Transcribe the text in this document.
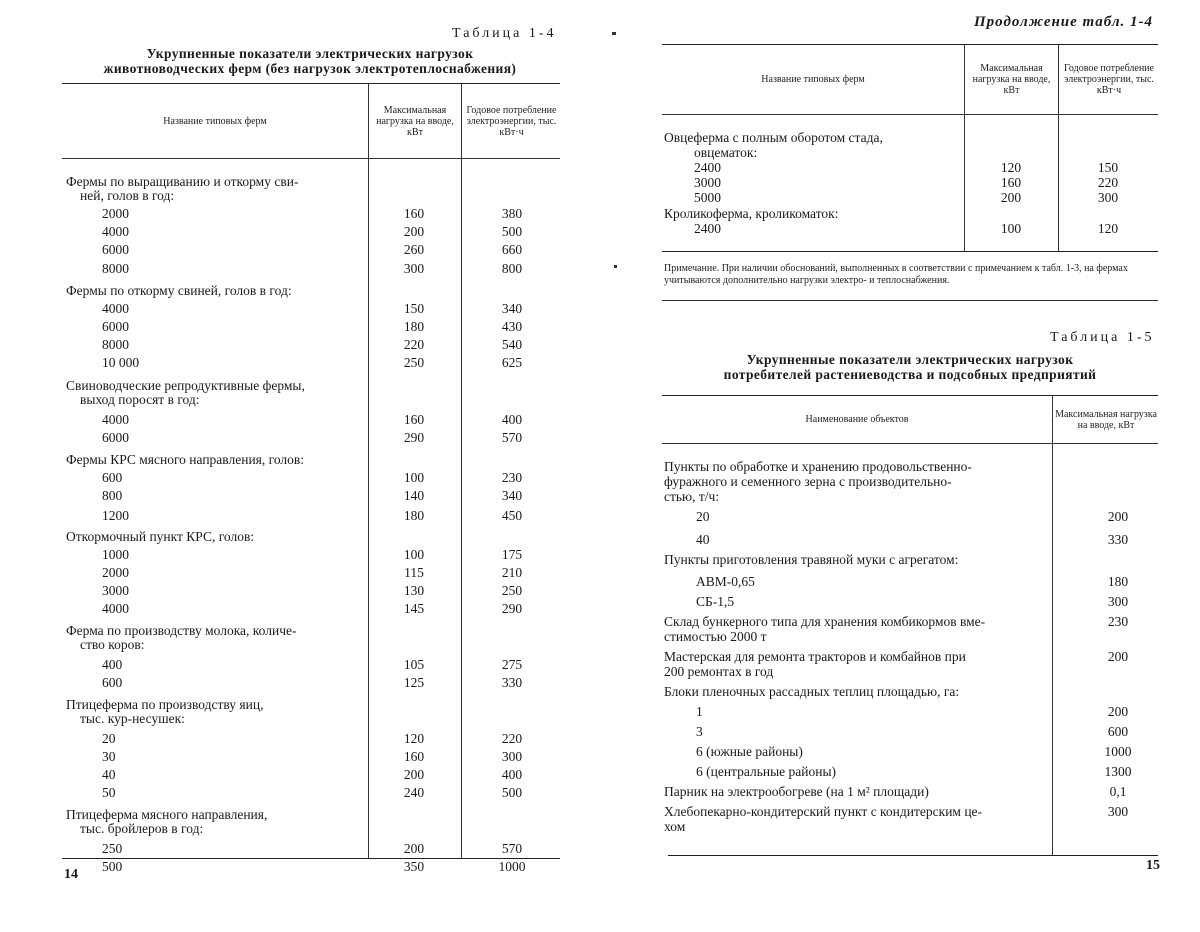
Таблица 1-4
Укрупненные показатели электрических нагрузок
животноводческих ферм (без нагрузок электротеплоснабжения)
Название типовых ферм
Максимальная нагрузка на вводе, кВт
Годовое потребление электроэнергии, тыс. кВт·ч
Фермы по выращиванию и откорму сви-
ней, голов в год:
2000	160	380
4000	200	500
6000	260	660
8000	300	800
Фермы по откорму свиней, голов в год:
4000	150	340
6000	180	430
8000	220	540
10 000	250	625
Свиноводческие репродуктивные фермы,
выход поросят в год:
4000	160	400
6000	290	570
Фермы КРС мясного направления, голов:
600	100	230
800	140	340
1200	180	450
Откормочный пункт КРС, голов:
1000	100	175
2000	115	210
3000	130	250
4000	145	290
Ферма по производству молока, количе-
ство коров:
400	105	275
600	125	330
Птицеферма по производству яиц,
тыс. кур-несушек:
20	120	220
30	160	300
40	200	400
50	240	500
Птицеферма мясного направления,
тыс. бройлеров в год:
250	200	570
500	350	1000
14
Продолжение табл. 1-4
Название типовых ферм
Максимальная нагрузка на вводе, кВт
Годовое потребление электроэнергии, тыс. кВт·ч
Овцеферма с полным оборотом стада,
овцематок:
2400	120	150
3000	160	220
5000	200	300
Кроликоферма, кроликоматок:
2400	100	120
Примечание. При наличии обоснований, выполненных в соответствии с примечанием к табл. 1-3, на фермах учитываются дополнительно нагрузки электро- и теплоснабжения.
Таблица 1-5
Укрупненные показатели электрических нагрузок
потребителей растениеводства и подсобных предприятий
Наименование объектов	Максимальная нагрузка на вводе, кВт
Пункты по обработке и хранению продовольственно-
фуражного и семенного зерна с производительно-
стью, т/ч:
20	200
40	330
Пункты приготовления травяной муки с агрегатом:
АВМ-0,65	180
СБ-1,5	300
Склад бункерного типа для хранения комбикормов вме-	230
стимостью 2000 т
Мастерская для ремонта тракторов и комбайнов при	200
200 ремонтах в год
Блоки пленочных рассадных теплиц площадью, га:
1	200
3	600
6 (южные районы)	1000
6 (центральные районы)	1300
Парник на электрообогреве (на 1 м² площади)	0,1
Хлебопекарно-кондитерский пункт с кондитерским це-	300
хом
15
